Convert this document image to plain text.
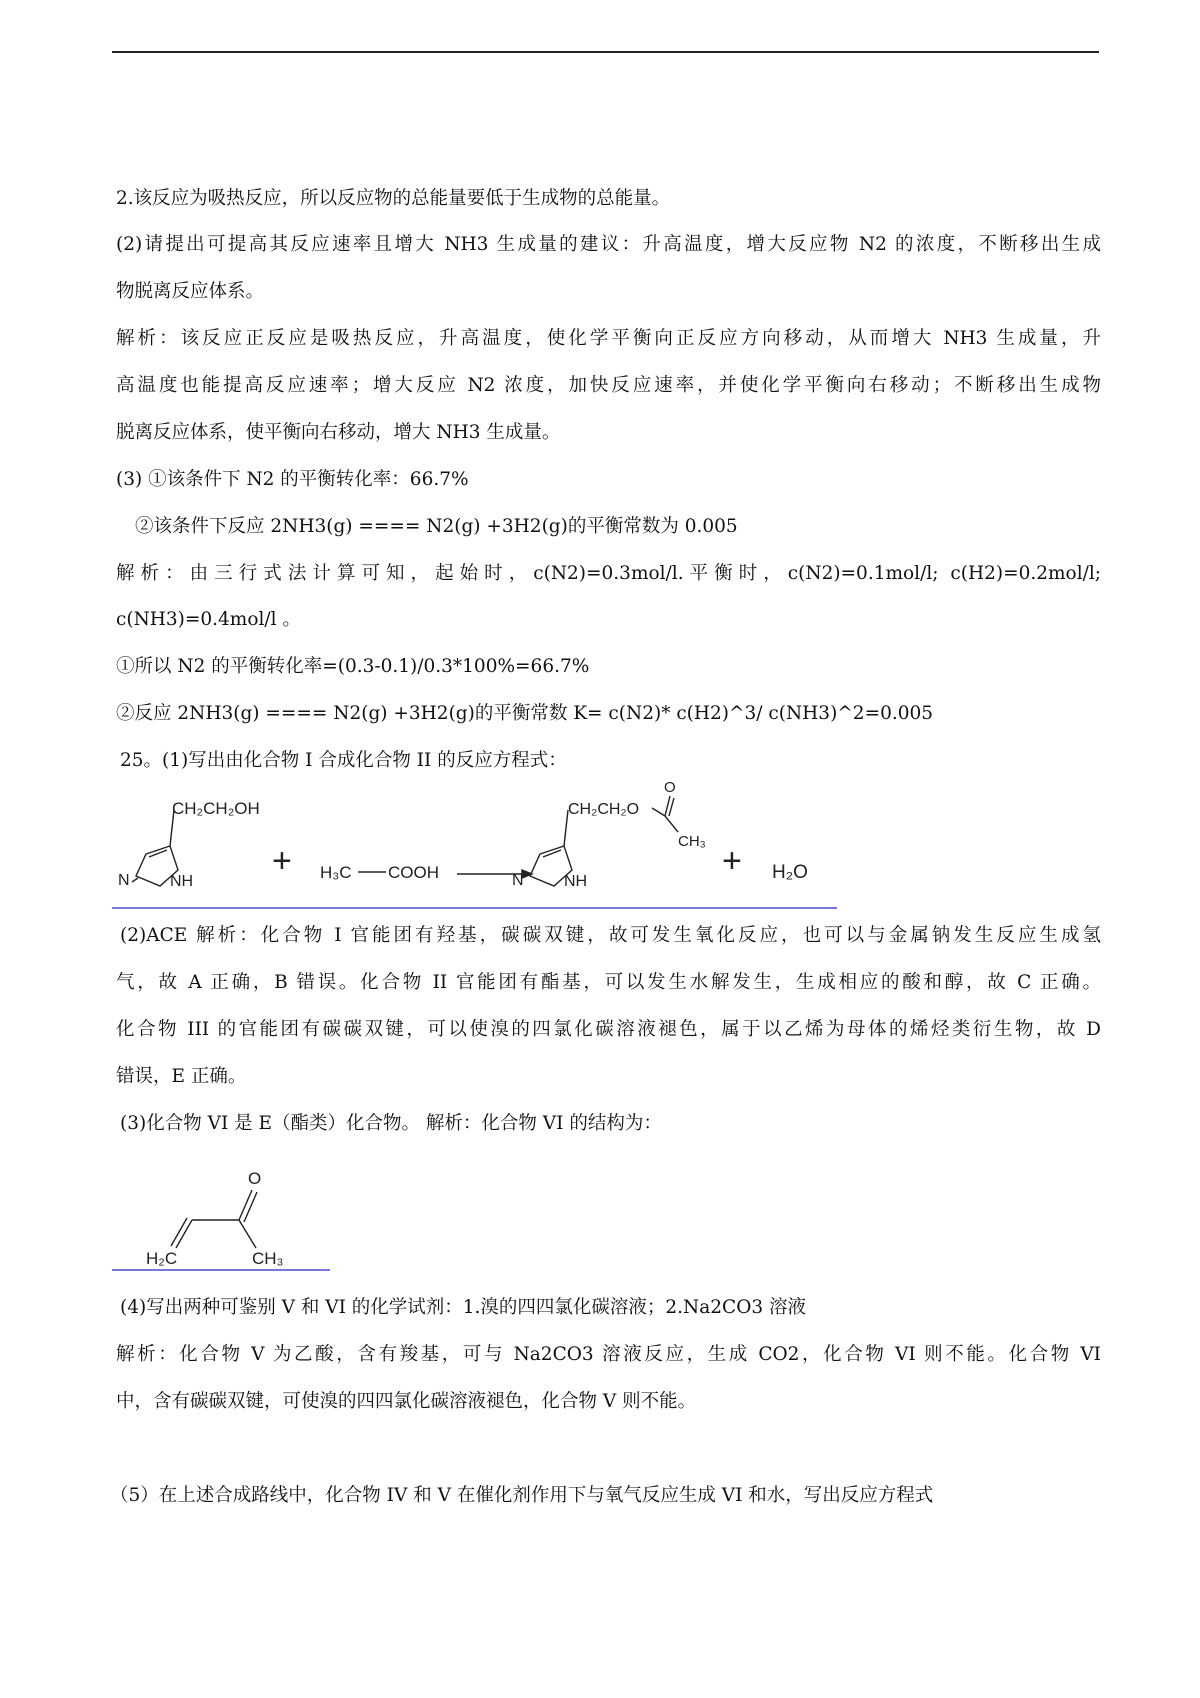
2.该反应为吸热反应，所以反应物的总能量要低于生成物的总能量。
(2)请提出可提高其反应速率且增大 NH3 生成量的建议：升高温度，增大反应物 N2 的浓度，不断移出生成
物脱离反应体系。
解析：该反应正反应是吸热反应，升高温度，使化学平衡向正反应方向移动，从而增大 NH3 生成量，升
高温度也能提高反应速率；增大反应 N2 浓度，加快反应速率，并使化学平衡向右移动；不断移出生成物
脱离反应体系，使平衡向右移动，增大 NH3 生成量。
(3) ①该条件下 N2 的平衡转化率：66.7%
②该条件下反应 2NH3(g) ==== N2(g) +3H2(g)的平衡常数为 0.005
解析：由三行式法计算可知，起始时，c(N2)=0.3mol/l.平衡时，c(N2)=0.1mol/l; c(H2)=0.2mol/l;
c(NH3)=0.4mol/l 。
①所以 N2 的平衡转化率=(0.3-0.1)/0.3*100%=66.7%
②反应 2NH3(g) ==== N2(g) +3H2(g)的平衡常数 K= c(N2)* c(H2)^3/ c(NH3)^2=0.005
25。(1)写出由化合物 I 合成化合物 II 的反应方程式：
CH₂CH₂OH
N	NH
+ H₃C COOH	N	NH
CH₂CH₂O
O
CH₃
+ H₂O
(2)ACE 解析：化合物 I 官能团有羟基，碳碳双键，故可发生氧化反应，也可以与金属钠发生反应生成氢
气，故 A 正确，B 错误。化合物 II 官能团有酯基，可以发生水解发生，生成相应的酸和醇，故 C 正确。
化合物 III 的官能团有碳碳双键，可以使溴的四氯化碳溶液褪色，属于以乙烯为母体的烯烃类衍生物，故 D
错误，E 正确。
(3)化合物 VI 是 E（酯类）化合物。 解析：化合物 VI 的结构为：
O
H₂C	CH₃
(4)写出两种可鉴别 V 和 VI 的化学试剂：1.溴的四四氯化碳溶液；2.Na2CO3 溶液
解析：化合物 V 为乙酸，含有羧基，可与 Na2CO3 溶液反应，生成 CO2，化合物 VI 则不能。化合物 VI
中，含有碳碳双键，可使溴的四四氯化碳溶液褪色，化合物 V 则不能。
（5）在上述合成路线中，化合物 IV 和 V 在催化剂作用下与氧气反应生成 VI 和水，写出反应方程式
